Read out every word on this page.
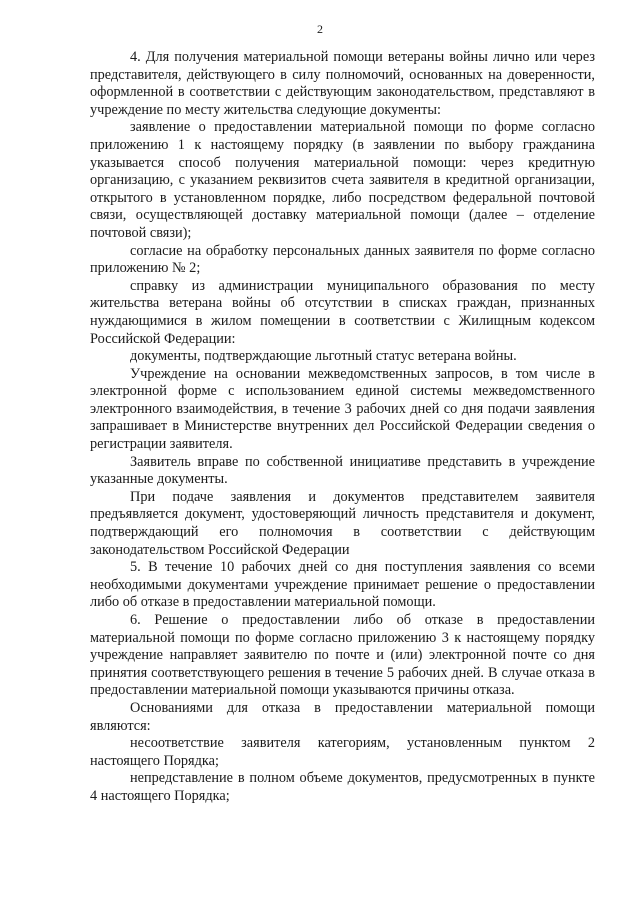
2

4. Для получения материальной помощи ветераны войны лично или через представителя, действующего в силу полномочий, основанных на доверенности, оформленной в соответствии с действующим законодательством, представляют в учреждение по месту жительства следующие документы:

заявление о предоставлении материальной помощи по форме согласно приложению 1 к настоящему порядку (в заявлении по выбору гражданина указывается способ получения материальной помощи: через кредитную организацию, с указанием реквизитов счета заявителя в кредитной организации, открытого в установленном порядке, либо посредством федеральной почтовой связи, осуществляющей доставку материальной помощи (далее – отделение почтовой связи);

согласие на обработку персональных данных заявителя по форме согласно приложению № 2;

справку из администрации муниципального образования по месту жительства ветерана войны об отсутствии в списках граждан, признанных нуждающимися в жилом помещении в соответствии с Жилищным кодексом Российской Федерации:

документы, подтверждающие льготный статус ветерана войны.

Учреждение на основании межведомственных запросов, в том числе в электронной форме с использованием единой системы межведомственного электронного взаимодействия, в течение 3 рабочих дней со дня подачи заявления запрашивает в Министерстве внутренних дел Российской Федерации сведения о регистрации заявителя.

Заявитель вправе по собственной инициативе представить в учреждение указанные документы.

При подаче заявления и документов представителем заявителя предъявляется документ, удостоверяющий личность представителя и документ, подтверждающий его полномочия в соответствии с действующим законодательством Российской Федерации

5. В течение 10 рабочих дней со дня поступления заявления со всеми необходимыми документами учреждение принимает решение о предоставлении либо об отказе в предоставлении материальной помощи.

6. Решение о предоставлении либо об отказе в предоставлении материальной помощи по форме согласно приложению 3 к настоящему порядку учреждение направляет заявителю по почте и (или) электронной почте со дня принятия соответствующего решения в течение 5 рабочих дней. В случае отказа в предоставлении материальной помощи указываются причины отказа.

Основаниями для отказа в предоставлении материальной помощи являются:

несоответствие заявителя категориям, установленным пунктом 2 настоящего Порядка;

непредставление в полном объеме документов, предусмотренных в пункте 4 настоящего Порядка;
